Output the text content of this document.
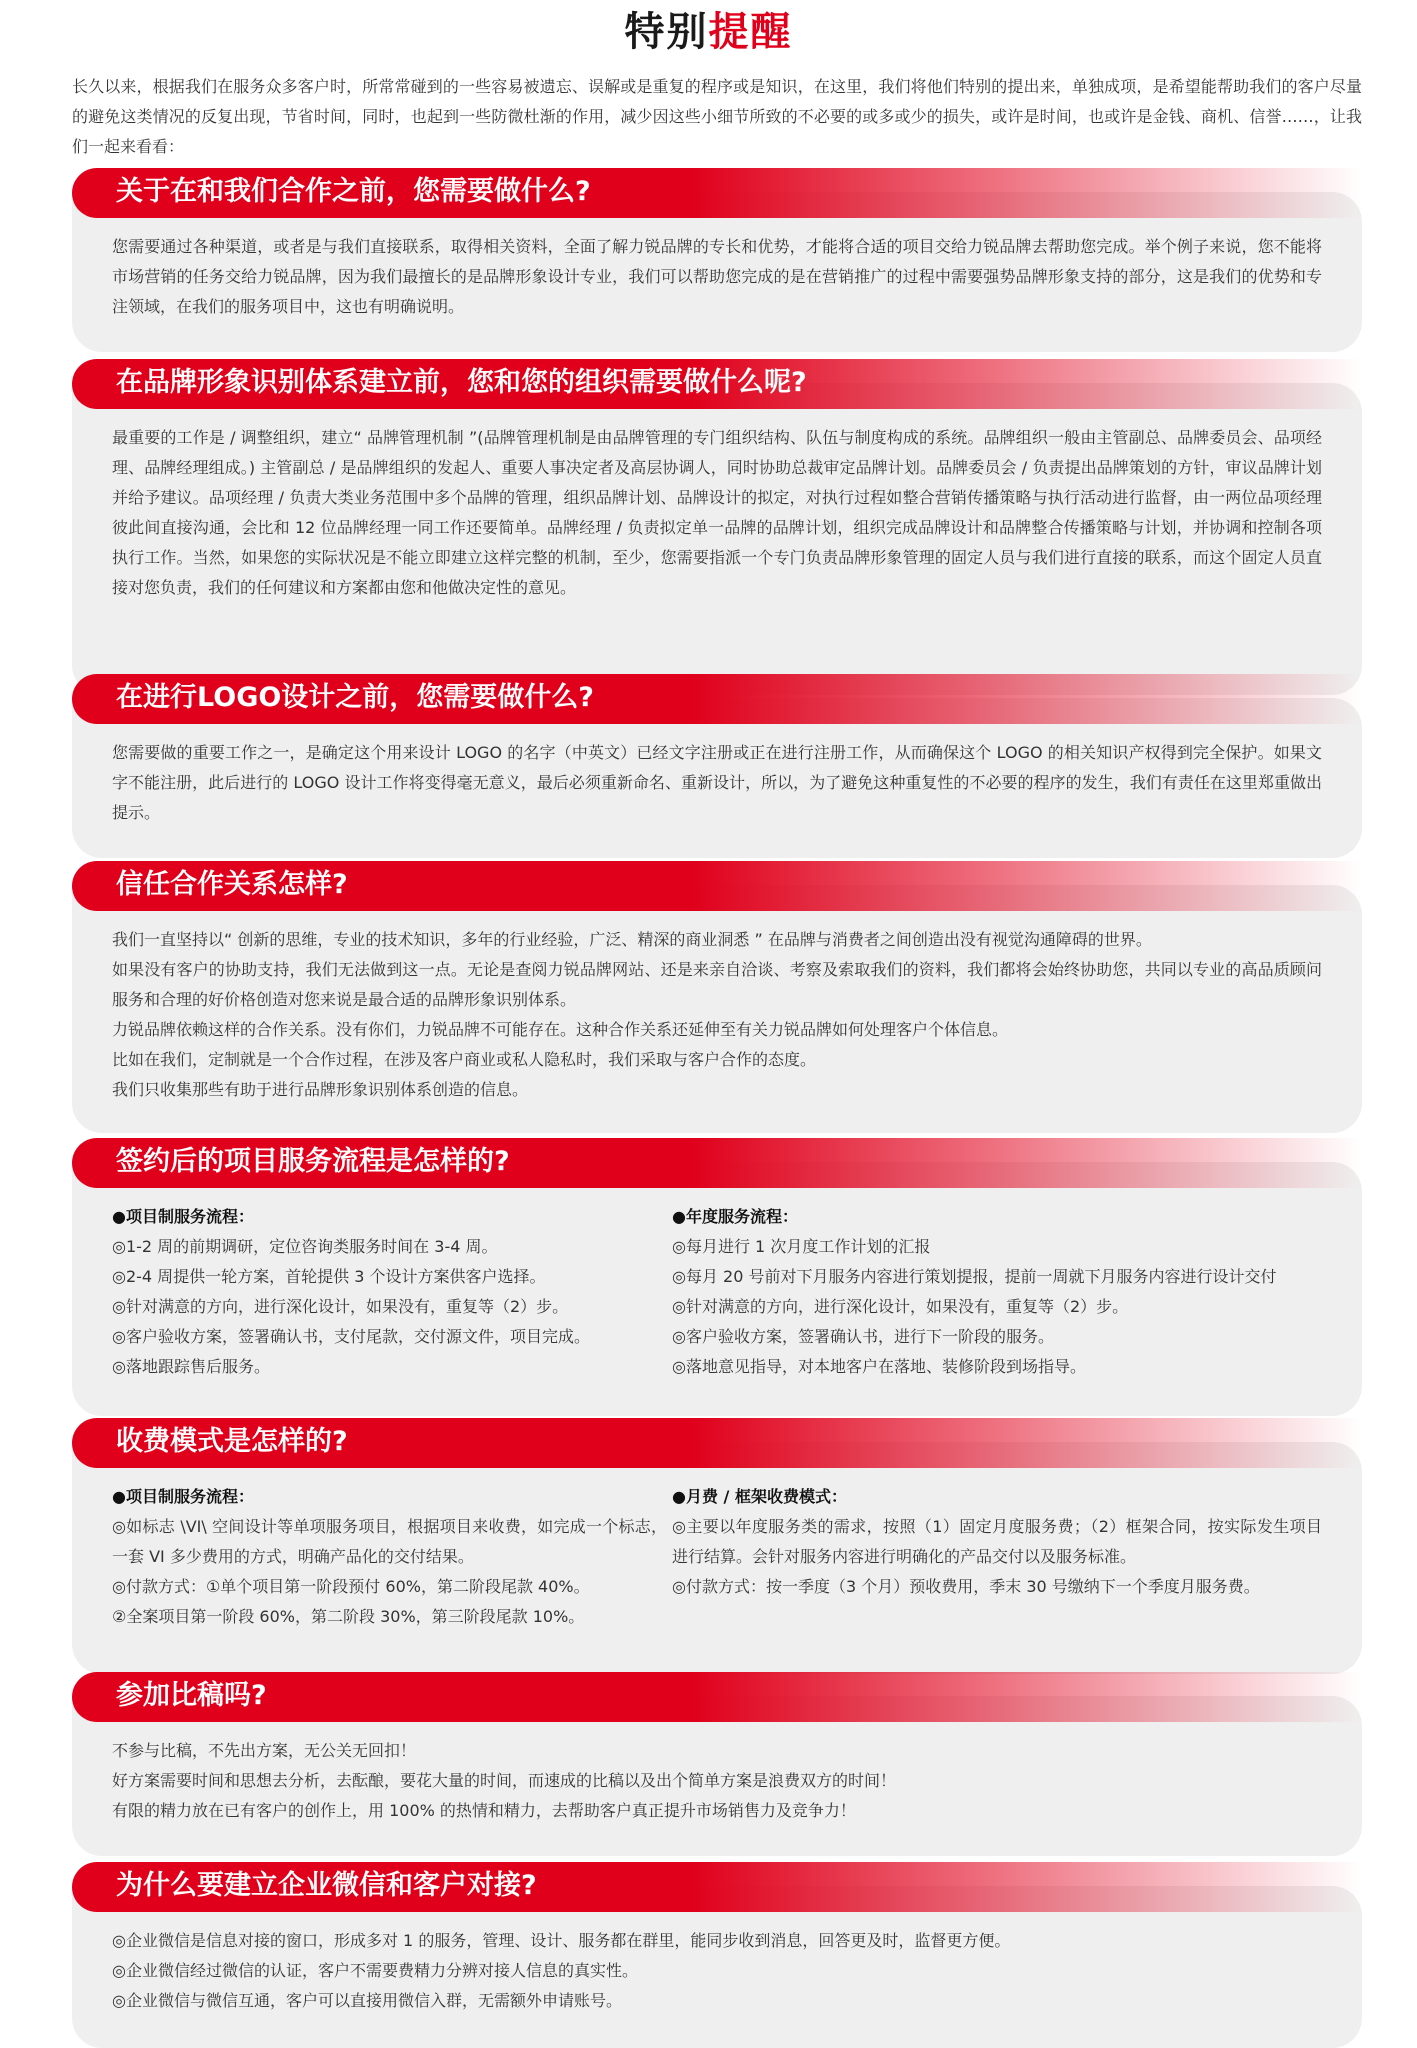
特别提醒
长久以来，根据我们在服务众多客户时，所常常碰到的一些容易被遗忘、误解或是重复的程序或是知识，在这里，我们将他们特别的提出来，单独成项，是希望能帮助我们的客户尽量的避免这类情况的反复出现，节省时间，同时，也起到一些防微杜渐的作用，减少因这些小细节所致的不必要的或多或少的损失，或许是时间，也或许是金钱、商机、信誉……，让我们一起来看看：
关于在和我们合作之前，您需要做什么?

您需要通过各种渠道，或者是与我们直接联系，取得相关资料，全面了解力锐品牌的专长和优势，才能将合适的项目交给力锐品牌去帮助您完成。举个例子来说，您不能将市场营销的任务交给力锐品牌，因为我们最擅长的是品牌形象设计专业，我们可以帮助您完成的是在营销推广的过程中需要强势品牌形象支持的部分，这是我们的优势和专注领域，在我们的服务项目中，这也有明确说明。

在品牌形象识别体系建立前，您和您的组织需要做什么呢?

最重要的工作是 / 调整组织，建立“ 品牌管理机制 ”(品牌管理机制是由品牌管理的专门组织结构、队伍与制度构成的系统。品牌组织一般由主管副总、品牌委员会、品项经理、品牌经理组成。) 主管副总 / 是品牌组织的发起人、重要人事决定者及高层协调人，同时协助总裁审定品牌计划。品牌委员会 / 负责提出品牌策划的方针，审议品牌计划并给予建议。品项经理 / 负责大类业务范围中多个品牌的管理，组织品牌计划、品牌设计的拟定，对执行过程如整合营销传播策略与执行活动进行监督，由一两位品项经理彼此间直接沟通，会比和 12 位品牌经理一同工作还要简单。品牌经理 / 负责拟定单一品牌的品牌计划，组织完成品牌设计和品牌整合传播策略与计划，并协调和控制各项执行工作。当然，如果您的实际状况是不能立即建立这样完整的机制，至少，您需要指派一个专门负责品牌形象管理的固定人员与我们进行直接的联系，而这个固定人员直接对您负责，我们的任何建议和方案都由您和他做决定性的意见。

在进行LOGO设计之前，您需要做什么?

您需要做的重要工作之一，是确定这个用来设计 LOGO 的名字（中英文）已经文字注册或正在进行注册工作，从而确保这个 LOGO 的相关知识产权得到完全保护。如果文字不能注册，此后进行的 LOGO 设计工作将变得毫无意义，最后必须重新命名、重新设计，所以，为了避免这种重复性的不必要的程序的发生，我们有责任在这里郑重做出提示。

信任合作关系怎样?

我们一直坚持以“ 创新的思维，专业的技术知识，多年的行业经验，广泛、精深的商业洞悉 ” 在品牌与消费者之间创造出没有视觉沟通障碍的世界。

如果没有客户的协助支持，我们无法做到这一点。无论是查阅力锐品牌网站、还是来亲自洽谈、考察及索取我们的资料，我们都将会始终协助您，共同以专业的高品质顾问服务和合理的好价格创造对您来说是最合适的品牌形象识别体系。

力锐品牌依赖这样的合作关系。没有你们，力锐品牌不可能存在。这种合作关系还延伸至有关力锐品牌如何处理客户个体信息。

比如在我们，定制就是一个合作过程，在涉及客户商业或私人隐私时，我们采取与客户合作的态度。

我们只收集那些有助于进行品牌形象识别体系创造的信息。

签约后的项目服务流程是怎样的?
●项目制服务流程：
◎1-2 周的前期调研，定位咨询类服务时间在 3-4 周。
◎2-4 周提供一轮方案，首轮提供 3 个设计方案供客户选择。
◎针对满意的方向，进行深化设计，如果没有，重复等（2）步。
◎客户验收方案，签署确认书，支付尾款，交付源文件，项目完成。
◎落地跟踪售后服务。
●年度服务流程：
◎每月进行 1 次月度工作计划的汇报
◎每月 20 号前对下月服务内容进行策划提报，提前一周就下月服务内容进行设计交付
◎针对满意的方向，进行深化设计，如果没有，重复等（2）步。
◎客户验收方案，签署确认书，进行下一阶段的服务。
◎落地意见指导，对本地客户在落地、装修阶段到场指导。
收费模式是怎样的?
●项目制服务流程：

◎如标志 \VI\ 空间设计等单项服务项目，根据项目来收费，如完成一个标志，一套 VI 多少费用的方式，明确产品化的交付结果。

◎付款方式：①单个项目第一阶段预付 60%，第二阶段尾款 40%。

②全案项目第一阶段 60%，第二阶段 30%，第三阶段尾款 10%。

●月费 / 框架收费模式：

◎主要以年度服务类的需求，按照（1）固定月度服务费；（2）框架合同，按实际发生项目进行结算。会针对服务内容进行明确化的产品交付以及服务标准。

◎付款方式：按一季度（3 个月）预收费用，季末 30 号缴纳下一个季度月服务费。

参加比稿吗?

不参与比稿，不先出方案，无公关无回扣！

好方案需要时间和思想去分析，去酝酿，要花大量的时间，而速成的比稿以及出个简单方案是浪费双方的时间！

有限的精力放在已有客户的创作上，用 100% 的热情和精力，去帮助客户真正提升市场销售力及竞争力！

为什么要建立企业微信和客户对接?

◎企业微信是信息对接的窗口，形成多对 1 的服务，管理、设计、服务都在群里，能同步收到消息，回答更及时，监督更方便。

◎企业微信经过微信的认证，客户不需要费精力分辨对接人信息的真实性。

◎企业微信与微信互通，客户可以直接用微信入群，无需额外申请账号。
